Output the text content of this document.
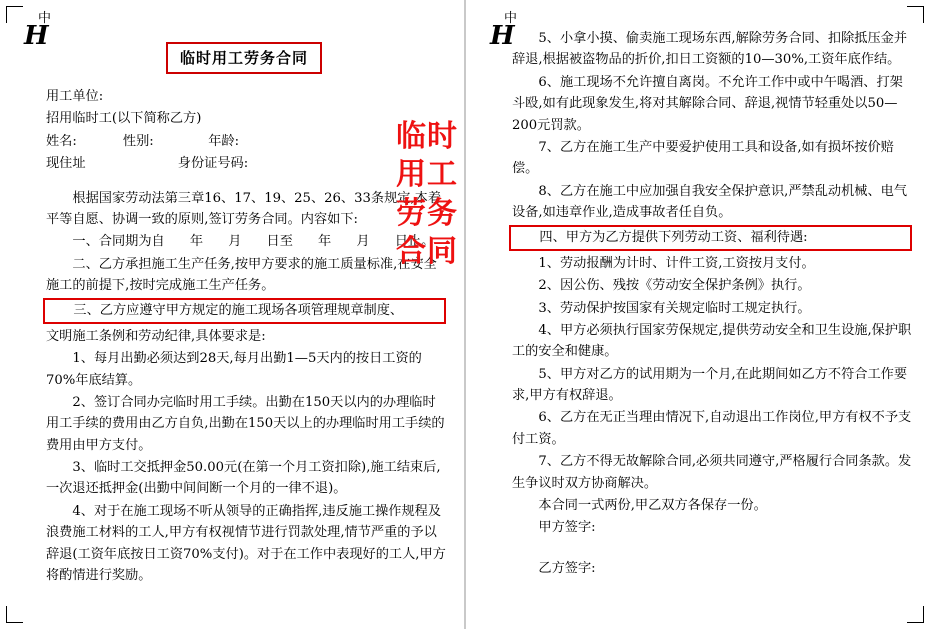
中
H
临时用工劳务合同
用工单位:
招用临时工(以下简称乙方)
姓名:           性别:             年龄:
现住址                      身份证号码:
根据国家劳动法第三章16、17、19、25、26、33条规定,本着平等自愿、协调一致的原则,签订劳务合同。内容如下:
一、合同期为自      年      月      日至      年      月      日止。
二、乙方承担施工生产任务,按甲方要求的施工质量标准,在安全施工的前提下,按时完成施工生产任务。
三、乙方应遵守甲方规定的施工现场各项管理规章制度、
文明施工条例和劳动纪律,具体要求是:
1、每月出勤必须达到28天,每月出勤1—5天内的按日工资的70%年底结算。
2、签订合同办完临时用工手续。出勤在150天以内的办理临时用工手续的费用由乙方自负,出勤在150天以上的办理临时用工手续的费用由甲方支付。
3、临时工交抵押金50.00元(在第一个月工资扣除),施工结束后,一次退还抵押金(出勤中间间断一个月的一律不退)。
4、对于在施工现场不听从领导的正确指挥,违反施工操作规程及浪费施工材料的工人,甲方有权视情节进行罚款处理,情节严重的予以辞退(工资年底按日工资70%支付)。对于在工作中表现好的工人,甲方将酌情进行奖励。
临时
用工
劳务
合同
中
H	5、小拿小摸、偷卖施工现场东西,解除劳务合同、扣除抵压金并辞退,根据被盗物品的折价,扣日工资额的10—30%,工资年底作结。
6、施工现场不允许擅自离岗。不允许工作中或中午喝酒、打架斗殴,如有此现象发生,将对其解除合同、辞退,视情节轻重处以50—200元罚款。
7、乙方在施工生产中要爱护使用工具和设备,如有损坏按价赔偿。
8、乙方在施工中应加强自我安全保护意识,严禁乱动机械、电气设备,如违章作业,造成事故者任自负。
四、甲方为乙方提供下列劳动工资、福利待遇:
1、劳动报酬为计时、计件工资,工资按月支付。
2、因公伤、残按《劳动安全保护条例》执行。
3、劳动保护按国家有关规定临时工规定执行。
4、甲方必须执行国家劳保规定,提供劳动安全和卫生设施,保护职工的安全和健康。
5、甲方对乙方的试用期为一个月,在此期间如乙方不符合工作要求,甲方有权辞退。
6、乙方在无正当理由情况下,自动退出工作岗位,甲方有权不予支付工资。
7、乙方不得无故解除合同,必须共同遵守,严格履行合同条款。发生争议时双方协商解决。
本合同一式两份,甲乙双方各保存一份。
甲方签字:
乙方签字:
